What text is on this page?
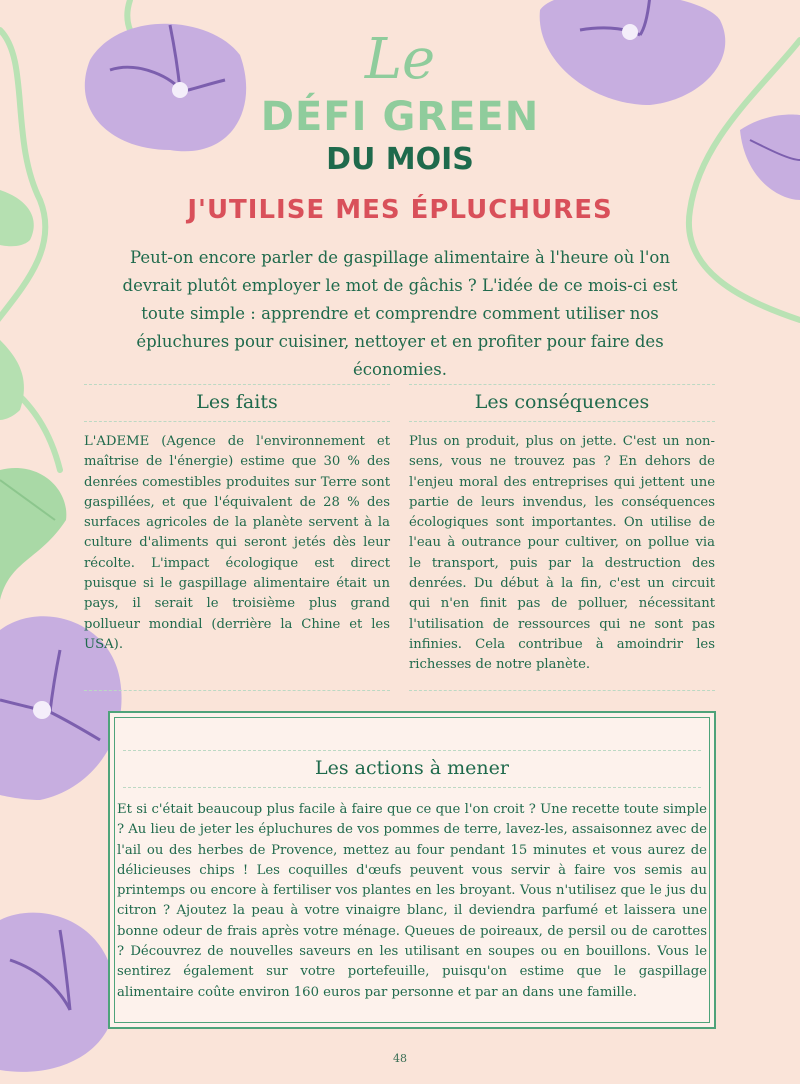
Le
DÉFI GREEN
DU MOIS
J'UTILISE MES ÉPLUCHURES
Peut-on encore parler de gaspillage alimentaire à l'heure où l'on devrait plutôt employer le mot de gâchis ? L'idée de ce mois-ci est toute simple : apprendre et comprendre comment utiliser nos épluchures pour cuisiner, nettoyer et en profiter pour faire des économies.
Les faits
L'ADEME (Agence de l'environnement et maîtrise de l'énergie) estime que 30 % des denrées comestibles produites sur Terre sont gaspillées, et que l'équivalent de 28 % des surfaces agricoles de la planète servent à la culture d'aliments qui seront jetés dès leur récolte. L'impact écologique est direct puisque si le gaspillage alimentaire était un pays, il serait le troisième plus grand pollueur mondial (derrière la Chine et les USA).
Les conséquences
Plus on produit, plus on jette. C'est un non-sens, vous ne trouvez pas ? En dehors de l'enjeu moral des entreprises qui jettent une partie de leurs invendus, les conséquences écologiques sont importantes. On utilise de l'eau à outrance pour cultiver, on pollue via le transport, puis par la destruction des denrées. Du début à la fin, c'est un circuit qui n'en finit pas de polluer, nécessitant l'utilisation de ressources qui ne sont pas infinies. Cela contribue à amoindrir les richesses de notre planète.
Les actions à mener
Et si c'était beaucoup plus facile à faire que ce que l'on croit ? Une recette toute simple ? Au lieu de jeter les épluchures de vos pommes de terre, lavez-les, assaisonnez avec de l'ail ou des herbes de Provence, mettez au four pendant 15 minutes et vous aurez de délicieuses chips ! Les coquilles d'œufs peuvent vous servir à faire vos semis au printemps ou encore à fertiliser vos plantes en les broyant. Vous n'utilisez que le jus du citron ? Ajoutez la peau à votre vinaigre blanc, il deviendra parfumé et laissera une bonne odeur de frais après votre ménage. Queues de poireaux, de persil ou de carottes ? Découvrez de nouvelles saveurs en les utilisant en soupes ou en bouillons. Vous le sentirez également sur votre portefeuille, puisqu'on estime que le gaspillage alimentaire coûte environ 160 euros par personne et par an dans une famille.
48
